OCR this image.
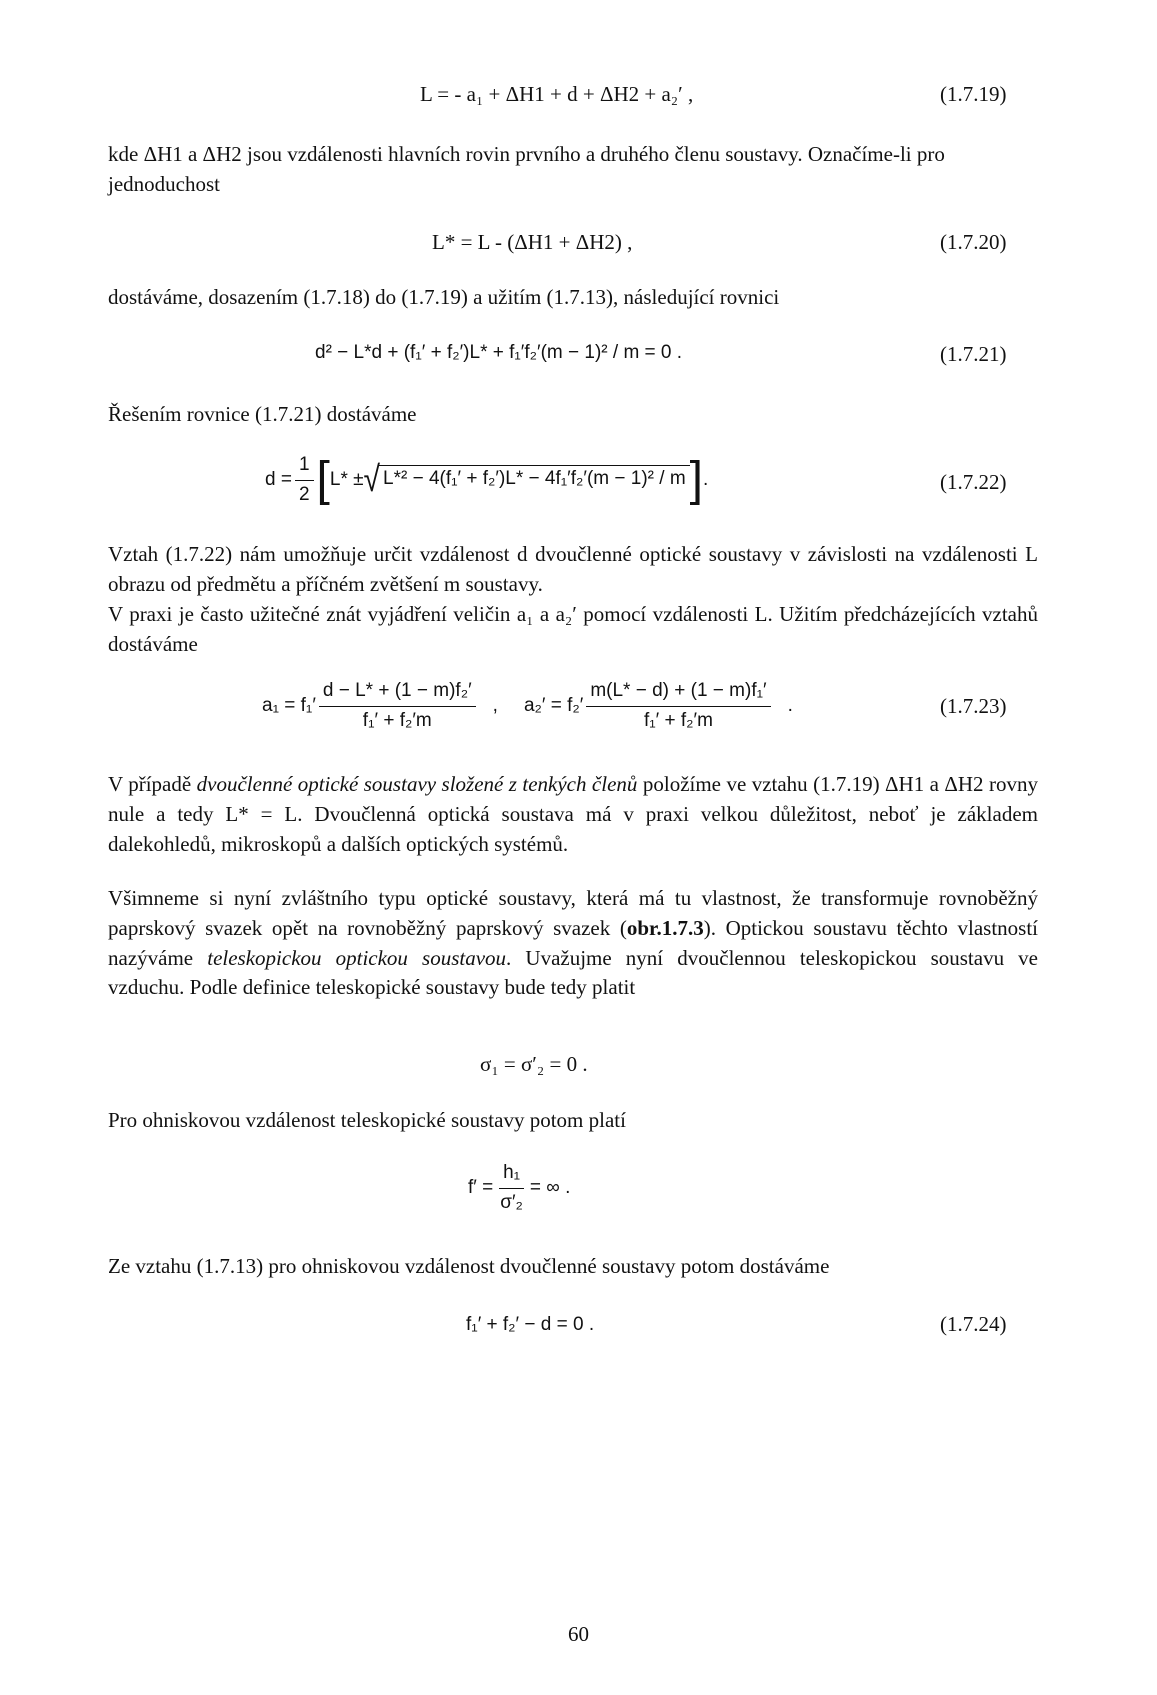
L = - a₁ + ΔH1 + d + ΔH2 + a₂′ ,	(1.7.19)

kde ΔH1 a ΔH2 jsou vzdálenosti hlavních rovin prvního a druhého členu soustavy. Označíme-li pro jednoduchost

L* = L - (ΔH1 + ΔH2) ,	(1.7.20)

dostáváme, dosazením (1.7.18) do (1.7.19) a užitím (1.7.13), následující rovnici

d² − L*d + (f₁′ + f₂′)L* + f₁′f₂′(m − 1)² / m = 0 .	(1.7.21)

Řešením rovnice (1.7.21) dostáváme

$d = \frac{1}{2}$ [ L* ± √ L*² − 4(f₁′ + f₂′)L* − 4f₁′f₂′(m − 1)² / m ] .	(1.7.22)

Vztah (1.7.22) nám umožňuje určit vzdálenost d dvoučlenné optické soustavy v závislosti na vzdálenosti L obrazu od předmětu a příčném zvětšení m soustavy.

V praxi je často užitečné znát vyjádření veličin a₁ a a₂′ pomocí vzdálenosti L. Užitím předcházejících vztahů dostáváme

$a_1 = f_1' \frac{\text{d − L* + (1 − m)f₂′}}{\text{f₁′ + f₂′m}}$ , $a_2' = f_2' \frac{\text{m(L* − d) + (1 − m)f₁′}}{\text{f₁′ + f₂′m}}$ .	(1.7.23)

V případě dvoučlenné optické soustavy složené z tenkých členů položíme ve vztahu (1.7.19) ΔH1 a ΔH2 rovny nule a tedy L* = L. Dvoučlenná optická soustava má v praxi velkou důležitost, neboť je základem dalekohledů, mikroskopů a dalších optických systémů.

Všimneme si nyní zvláštního typu optické soustavy, která má tu vlastnost, že transformuje rovnoběžný paprskový svazek opět na rovnoběžný paprskový svazek (obr.1.7.3). Optickou soustavu těchto vlastností nazýváme teleskopickou optickou soustavou. Uvažujme nyní dvoučlennou teleskopickou soustavu ve vzduchu. Podle definice teleskopické soustavy bude tedy platit

σ₁ = σ′₂ = 0 .

Pro ohniskovou vzdálenost teleskopické soustavy potom platí

$f' = \frac{\text{h₁}}{\text{σ′₂}}$ = ∞ .

Ze vztahu (1.7.13) pro ohniskovou vzdálenost dvoučlenné soustavy potom dostáváme

f₁′ + f₂′ − d = 0 .	(1.7.24)
60
